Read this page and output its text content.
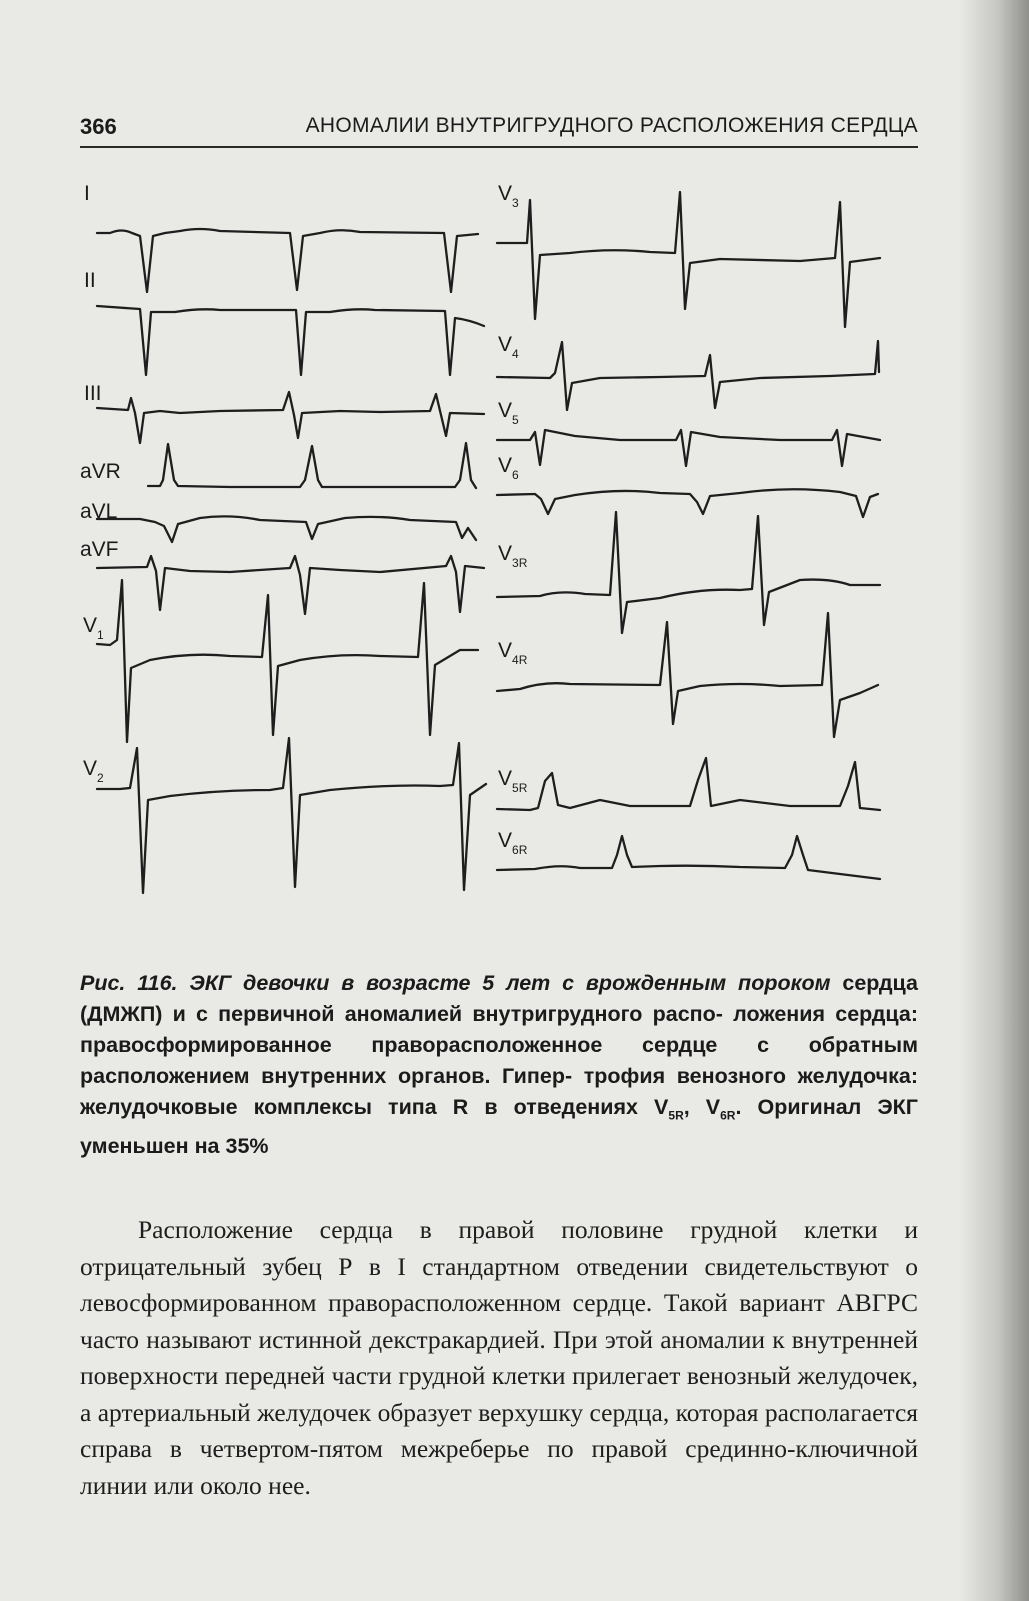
366	АНОМАЛИИ ВНУТРИГРУДНОГО РАСПОЛОЖЕНИЯ СЕРДЦА
I
II
III
aVR
aVL
aVF
$V_1$
$V_2$
$V_3$
$V_4$
$V_5$
$V_6$
$V_{3R}$
$V_{4R}$
$V_{5R}$
$V_{6R}$
Рис. 116. ЭКГ девочки в возрасте 5 лет с врожденным пороком сердца (ДМЖП) и с первичной аномалией внутригрудного распо- ложения сердца: правосформированное праворасположенное сердце с обратным расположением внутренних органов. Гипер- трофия венозного желудочка: желудочковые комплексы типа R в отведениях $V_{5R}$, $V_{6R}$. Оригинал ЭКГ уменьшен на 35%
Расположение сердца в правой половине грудной клетки и отрицательный зубец Р в I стандартном отведении свидетельствуют о левосформированном праворасположенном сердце. Такой вариант АВГРС часто называют истинной декстракардией. При этой аномалии к внутренней поверхности передней части грудной клетки прилегает венозный желудочек, а артериальный желудочек образует верхушку сердца, которая располагается справа в четвертом-пятом межреберье по правой срединно-ключичной линии или около нее.
